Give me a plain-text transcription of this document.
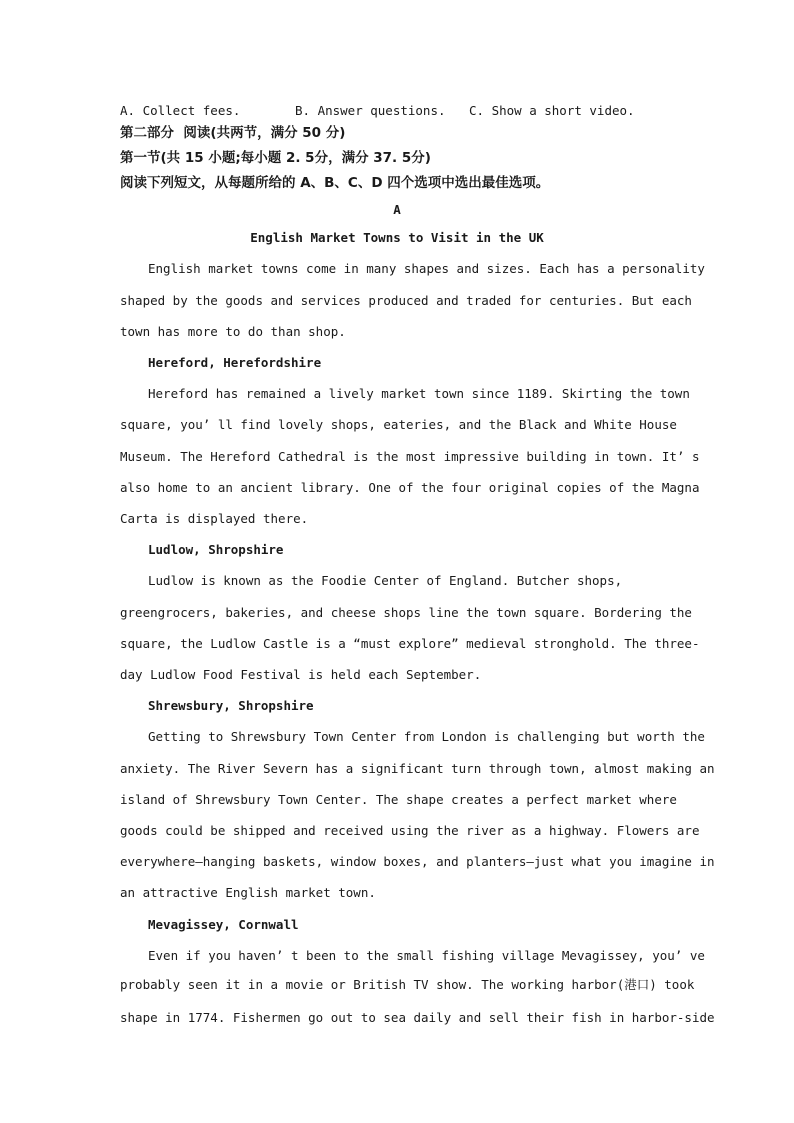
A. Collect fees.	B. Answer questions. C. Show a short video.
第二部分  阅读(共两节，满分 50 分)
第一节(共 15 小题;每小题 2. 5分，满分 37. 5分)
阅读下列短文，从每题所给的 A、B、C、D 四个选项中选出最佳选项。
A
English Market Towns to Visit in the UK
English market towns come in many shapes and sizes. Each has a personality
shaped by the goods and services produced and traded for centuries. But each
town has more to do than shop.
Hereford, Herefordshire
Hereford has remained a lively market town since 1189. Skirting the town
square, you’ ll find lovely shops, eateries, and the Black and White House
Museum. The Hereford Cathedral is the most impressive building in town. It’ s
also home to an ancient library. One of the four original copies of the Magna
Carta is displayed there.
Ludlow, Shropshire
Ludlow is known as the Foodie Center of England. Butcher shops,
greengrocers, bakeries, and cheese shops line the town square. Bordering the
square, the Ludlow Castle is a “must explore” medieval stronghold. The three-
day Ludlow Food Festival is held each September.
Shrewsbury, Shropshire
Getting to Shrewsbury Town Center from London is challenging but worth the
anxiety. The River Severn has a significant turn through town, almost making an
island of Shrewsbury Town Center. The shape creates a perfect market where
goods could be shipped and received using the river as a highway. Flowers are
everywhere—hanging baskets, window boxes, and planters—just what you imagine in
an attractive English market town.
Mevagissey, Cornwall
Even if you haven’ t been to the small fishing village Mevagissey, you’ ve
probably seen it in a movie or British TV show. The working harbor(港口) took
shape in 1774. Fishermen go out to sea daily and sell their fish in harbor-side
